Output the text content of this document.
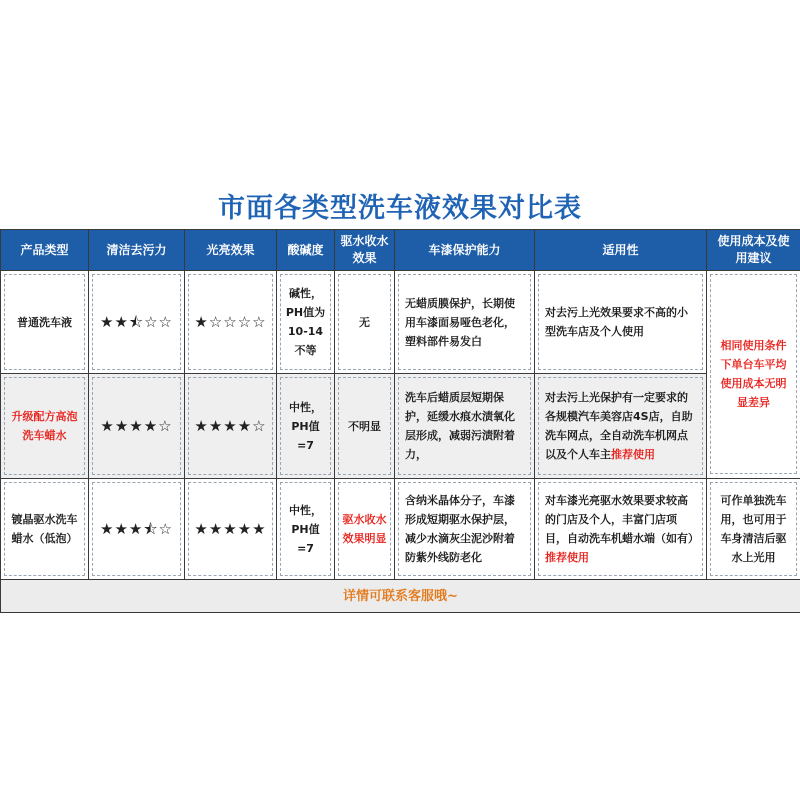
市面各类型洗车液效果对比表
产品类型	清洁去污力	光亮效果	酸碱度	驱水收水效果	车漆保护能力	适用性	使用成本及使用建议

普通洗车液	★★⯪☆☆	★☆☆☆☆	碱性，PH值为10-14不等	无	无蜡质膜保护，长期使用车漆面易哑色老化，塑料部件易发白	对去污上光效果要求不高的小型洗车店及个人使用	相同使用条件下单台车平均使用成本无明显差异

升级配方高泡洗车蜡水	★★★★☆	★★★★☆	中性，PH值=7	不明显	洗车后蜡质层短期保护，延缓水痕水渍氧化层形成，减弱污渍附着力，	对去污上光保护有一定要求的各规模汽车美容店4S店，自助洗车网点，全自动洗车机网点以及个人车主推荐使用	

镀晶驱水洗车蜡水（低泡）	★★★⯪☆	★★★★★	中性，PH值=7	驱水收水效果明显	含纳米晶体分子，车漆形成短期驱水保护层，减少水滴灰尘泥沙附着防紫外线防老化	对车漆光亮驱水效果要求较高的门店及个人，丰富门店项目，自动洗车机蜡水端（如有）推荐使用	可作单独洗车用，也可用于车身清洁后驱水上光用

详情可联系客服哦~							
